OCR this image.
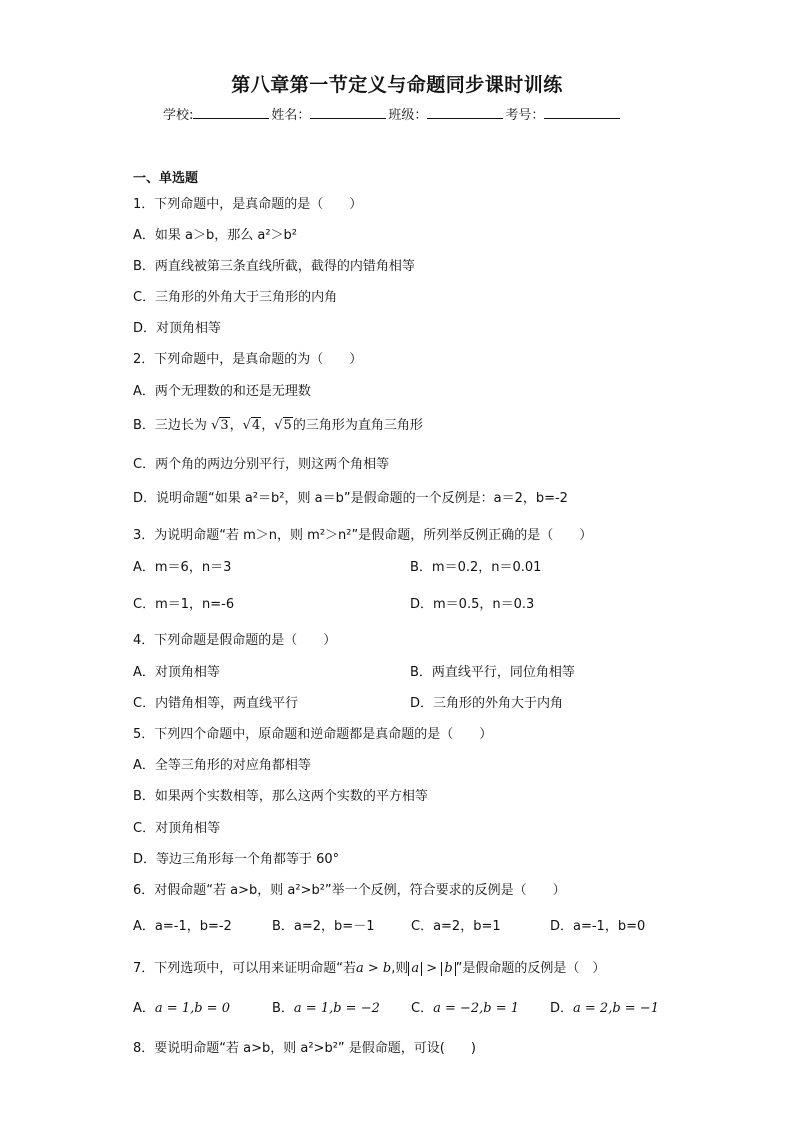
第八章第一节定义与命题同步课时训练
学校:	姓名：	班级：	考号：
一、单选题
1．下列命题中，是真命题的是（　　）
A．如果 a＞b，那么 a²＞b²
B．两直线被第三条直线所截，截得的内错角相等
C．三角形的外角大于三角形的内角
D．对顶角相等
2．下列命题中，是真命题的为（　　）
A．两个无理数的和还是无理数
B．三边长为 √3，√4，√5的三角形为直角三角形
C．两个角的两边分别平行，则这两个角相等
D．说明命题“如果 a²＝b²，则 a＝b”是假命题的一个反例是：a＝2，b=-2
3．为说明命题“若 m＞n，则 m²＞n²”是假命题，所列举反例正确的是（　　）
A．m＝6，n＝3	B．m＝0.2，n＝0.01
C．m＝1，n=-6	D．m＝0.5，n＝0.3
4．下列命题是假命题的是（　　）
A．对顶角相等	B．两直线平行，同位角相等
C．内错角相等，两直线平行	D．三角形的外角大于内角
5．下列四个命题中，原命题和逆命题都是真命题的是（　　）
A．全等三角形的对应角都相等
B．如果两个实数相等，那么这两个实数的平方相等
C．对顶角相等
D．等边三角形每一个角都等于 60°
6．对假命题“若 a>b，则 a²>b²”举一个反例，符合要求的反例是（　　）
A．a=-1，b=-2	B．a=2，b=－1	C．a=2，b=1	D．a=-1，b=0
7．下列选项中，可以用来证明命题“若a > b,则 a > b ”是假命题的反例是（　）
A．a = 1,b = 0	B．a = 1,b = −2 C．a = −2,b = 1 D．a = 2,b = −1
8．要说明命题“若 a>b，则 a²>b²” 是假命题，可设(　　)
